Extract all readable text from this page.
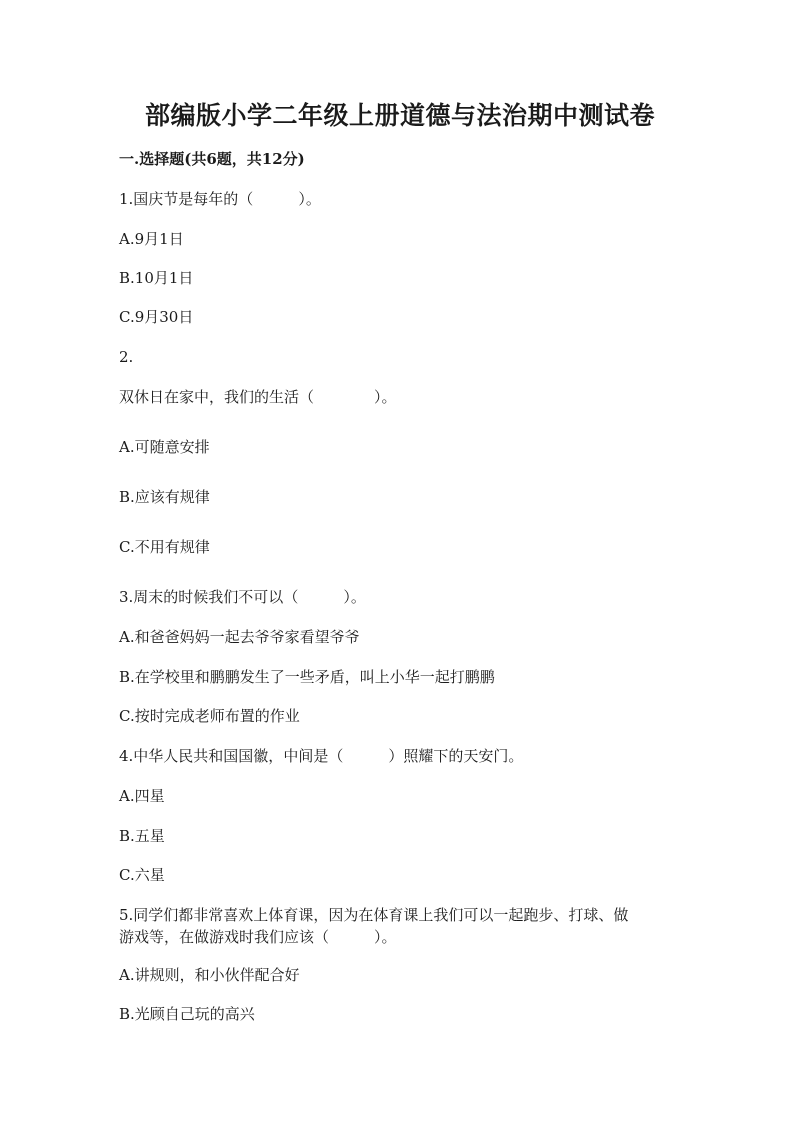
部编版小学二年级上册道德与法治期中测试卷
一.选择题(共6题，共12分)
1.国庆节是每年的（　　　）。
A.9月1日
B.10月1日
C.9月30日
2.
双休日在家中，我们的生活（　　　　）。
A.可随意安排
B.应该有规律
C.不用有规律
3.周末的时候我们不可以（　　　）。
A.和爸爸妈妈一起去爷爷家看望爷爷
B.在学校里和鹏鹏发生了一些矛盾，叫上小华一起打鹏鹏
C.按时完成老师布置的作业
4.中华人民共和国国徽，中间是（　　　）照耀下的天安门。
A.四星
B.五星
C.六星
5.同学们都非常喜欢上体育课，因为在体育课上我们可以一起跑步、打球、做
游戏等，在做游戏时我们应该（　　　）。
A.讲规则，和小伙伴配合好
B.光顾自己玩的高兴
